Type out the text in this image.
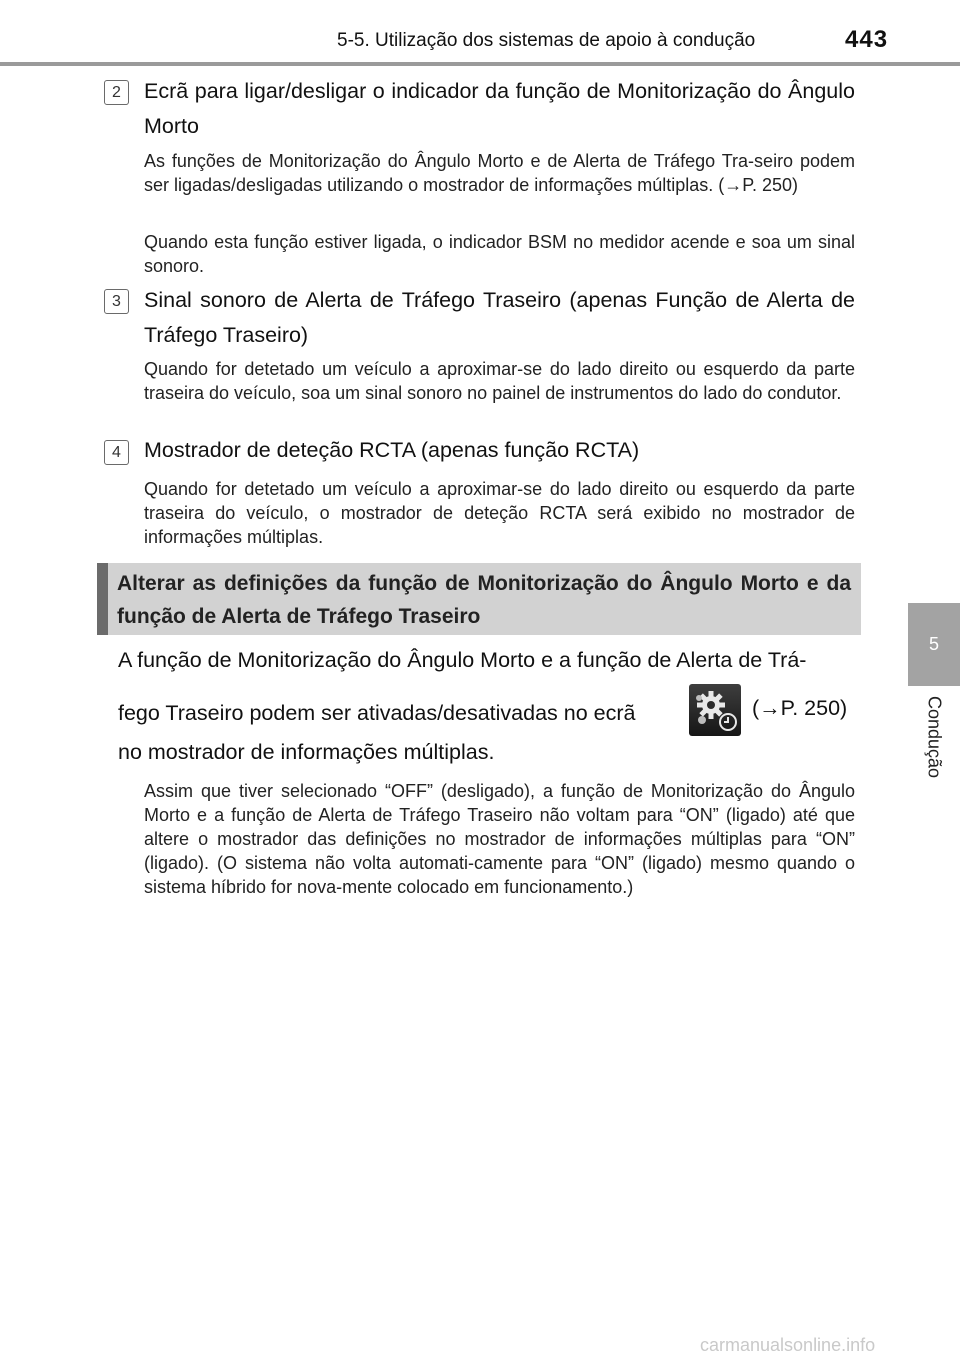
5-5. Utilização dos sistemas de apoio à condução	443
5
Condução
2	Ecrã para ligar/desligar o indicador da função de Monitorização do Ângulo Morto

As funções de Monitorização do Ângulo Morto e de Alerta de Tráfego Tra-seiro podem ser ligadas/desligadas utilizando o mostrador de informações múltiplas. (→P. 250)

Quando esta função estiver ligada, o indicador BSM no medidor acende e soa um sinal sonoro.

3	Sinal sonoro de Alerta de Tráfego Traseiro (apenas Função de Alerta de Tráfego Traseiro)

Quando for detetado um veículo a aproximar-se do lado direito ou esquerdo da parte traseira do veículo, soa um sinal sonoro no painel de instrumentos do lado do condutor.

4	Mostrador de deteção RCTA (apenas função RCTA)

Quando for detetado um veículo a aproximar-se do lado direito ou esquerdo da parte traseira do veículo, o mostrador de deteção RCTA será exibido no mostrador de informações múltiplas.

Alterar as definições da função de Monitorização do Ângulo Morto e da função de Alerta de Tráfego Traseiro

A função de Monitorização do Ângulo Morto e a função de Alerta de Trá-

fego Traseiro podem ser ativadas/desativadas no ecrã	(→P. 250)

no mostrador de informações múltiplas.

Assim que tiver selecionado “OFF” (desligado), a função de Monitorização do Ângulo Morto e a função de Alerta de Tráfego Traseiro não voltam para “ON” (ligado) até que altere o mostrador das definições no mostrador de informações múltiplas para “ON” (ligado). (O sistema não volta automati-camente para “ON” (ligado) mesmo quando o sistema híbrido for nova-mente colocado em funcionamento.)

carmanualsonline.info
